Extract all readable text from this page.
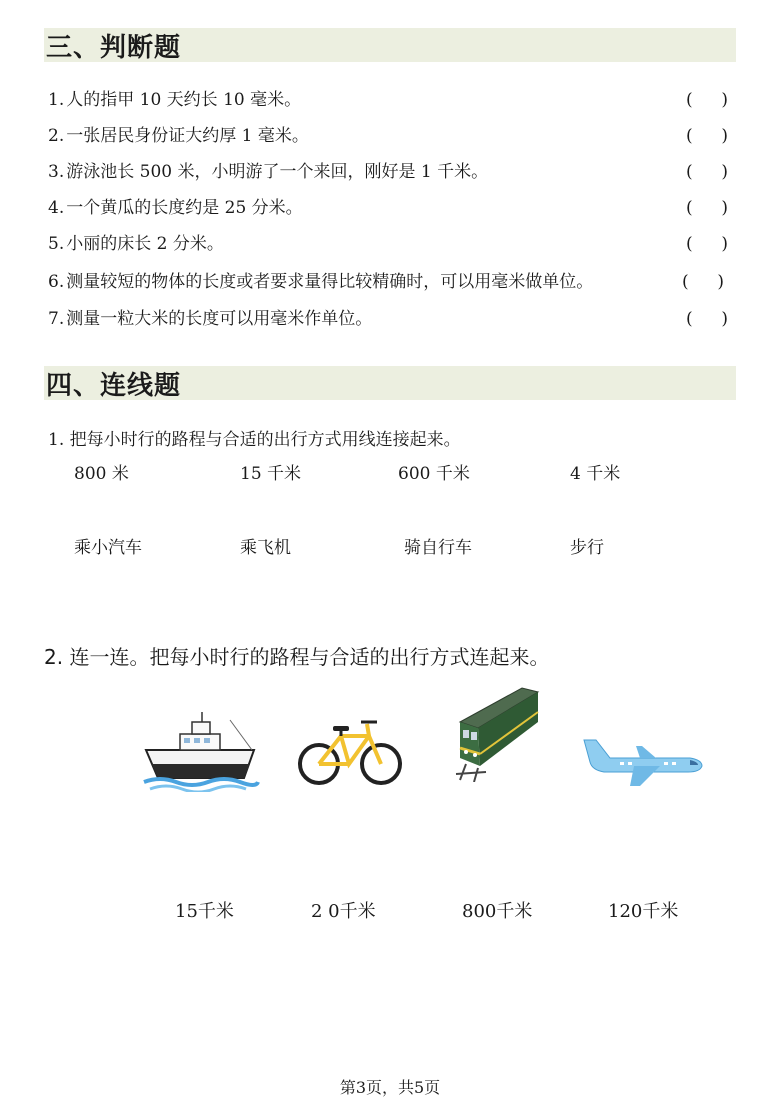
三、判断题
1. 人的指甲 10 天约长 10 毫米。	( )
2. 一张居民身份证大约厚 1 毫米。	( )
3. 游泳池长 500 米，小明游了一个来回，刚好是 1 千米。	( )
4. 一个黄瓜的长度约是 25 分米。	( )
5. 小丽的床长 2 分米。	( )
6. 测量较短的物体的长度或者要求量得比较精确时，可以用毫米做单位。	( )
7. 测量一粒大米的长度可以用毫米作单位。	( )
四、连线题
1. 把每小时行的路程与合适的出行方式用线连接起来。
800 米	15 千米	600 千米	4 千米
乘小汽车	乘飞机	骑自行车	步行
2. 连一连。把每小时行的路程与合适的出行方式连起来。
15千米	2 0千米	800千米	120千米
第3页，共5页
